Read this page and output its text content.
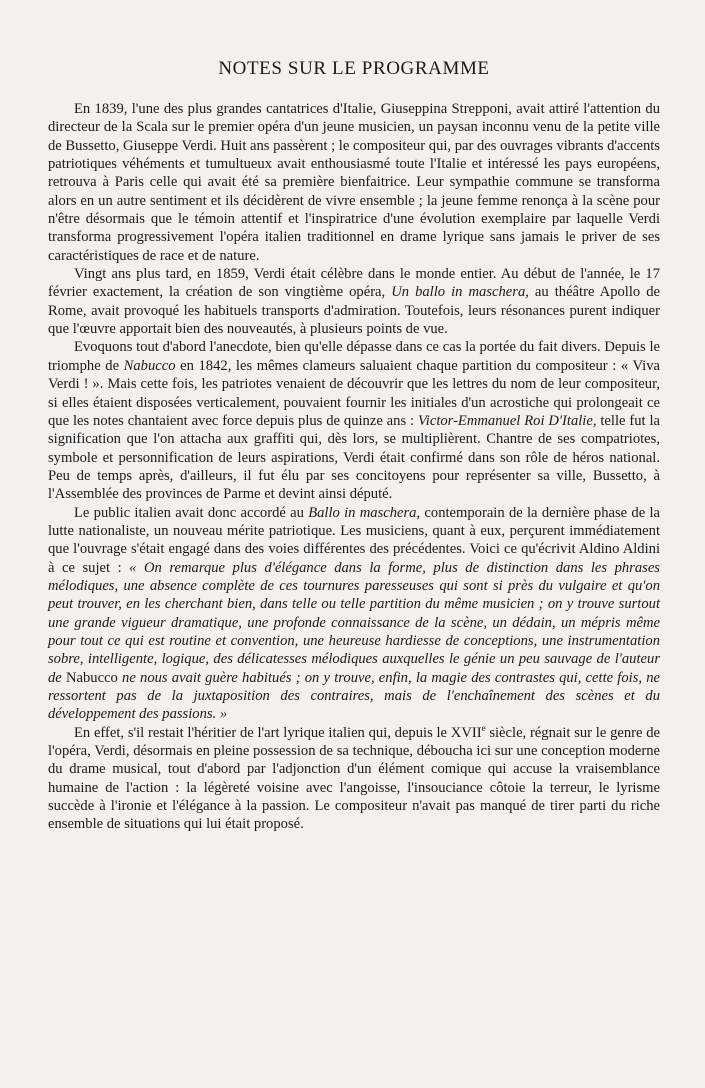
NOTES SUR LE PROGRAMME

En 1839, l'une des plus grandes cantatrices d'Italie, Giuseppina Strepponi, avait attiré l'attention du directeur de la Scala sur le premier opéra d'un jeune musicien, un paysan inconnu venu de la petite ville de Bussetto, Giuseppe Verdi. Huit ans passèrent ; le compositeur qui, par des ouvrages vibrants d'accents patriotiques véhéments et tumultueux avait enthousiasmé toute l'Italie et intéressé les pays européens, retrouva à Paris celle qui avait été sa première bienfaitrice. Leur sympathie commune se transforma alors en un autre sentiment et ils décidèrent de vivre ensemble ; la jeune femme renonça à la scène pour n'être désormais que le témoin attentif et l'inspiratrice d'une évolution exemplaire par laquelle Verdi transforma progressivement l'opéra italien traditionnel en drame lyrique sans jamais le priver de ses caractéristiques de race et de nature.

Vingt ans plus tard, en 1859, Verdi était célèbre dans le monde entier. Au début de l'année, le 17 février exactement, la création de son vingtième opéra, Un ballo in maschera, au théâtre Apollo de Rome, avait provoqué les habituels transports d'admiration. Toutefois, leurs résonances purent indiquer que l'œuvre apportait bien des nouveautés, à plusieurs points de vue.

Evoquons tout d'abord l'anecdote, bien qu'elle dépasse dans ce cas la portée du fait divers. Depuis le triomphe de Nabucco en 1842, les mêmes clameurs saluaient chaque partition du compositeur : « Viva Verdi ! ». Mais cette fois, les patriotes venaient de découvrir que les lettres du nom de leur compositeur, si elles étaient disposées verticalement, pouvaient fournir les initiales d'un acrostiche qui prolongeait ce que les notes chantaient avec force depuis plus de quinze ans : Victor-Emmanuel Roi D'Italie, telle fut la signification que l'on attacha aux graffiti qui, dès lors, se multiplièrent. Chantre de ses compatriotes, symbole et personnification de leurs aspirations, Verdi était confirmé dans son rôle de héros national. Peu de temps après, d'ailleurs, il fut élu par ses concitoyens pour représenter sa ville, Bussetto, à l'Assemblée des provinces de Parme et devint ainsi député.

Le public italien avait donc accordé au Ballo in maschera, contemporain de la dernière phase de la lutte nationaliste, un nouveau mérite patriotique. Les musiciens, quant à eux, perçurent immédiatement que l'ouvrage s'était engagé dans des voies différentes des précédentes. Voici ce qu'écrivit Aldino Aldini à ce sujet : « On remarque plus d'élégance dans la forme, plus de distinction dans les phrases mélodiques, une absence complète de ces tournures paresseuses qui sont si près du vulgaire et qu'on peut trouver, en les cherchant bien, dans telle ou telle partition du même musicien ; on y trouve surtout une grande vigueur dramatique, une profonde connaissance de la scène, un dédain, un mépris même pour tout ce qui est routine et convention, une heureuse hardiesse de conceptions, une instrumentation sobre, intelligente, logique, des délicatesses mélodiques auxquelles le génie un peu sauvage de l'auteur de Nabucco ne nous avait guère habitués ; on y trouve, enfin, la magie des contrastes qui, cette fois, ne ressortent pas de la juxtaposition des contraires, mais de l'enchaînement des scènes et du développement des passions. »

En effet, s'il restait l'héritier de l'art lyrique italien qui, depuis le XVIIe siècle, régnait sur le genre de l'opéra, Verdi, désormais en pleine possession de sa technique, déboucha ici sur une conception moderne du drame musical, tout d'abord par l'adjonction d'un élément comique qui accuse la vraisemblance humaine de l'action : la légèreté voisine avec l'angoisse, l'insouciance côtoie la terreur, le lyrisme succède à l'ironie et l'élégance à la passion. Le compositeur n'avait pas manqué de tirer parti du riche ensemble de situations qui lui était proposé.
